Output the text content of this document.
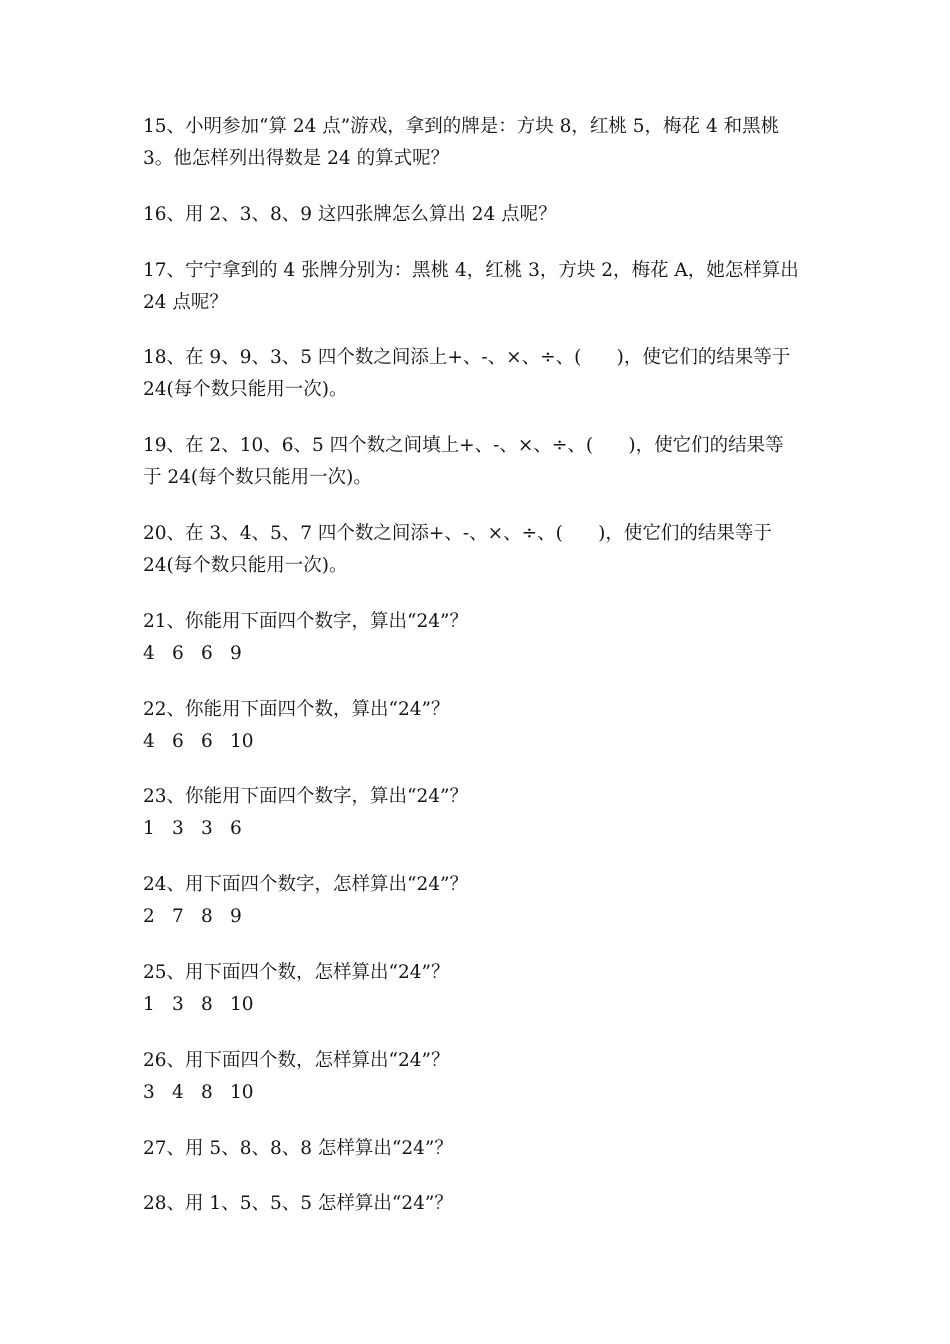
15、小明参加“算 24 点”游戏，拿到的牌是：方块 8，红桃 5，梅花 4 和黑桃
3。他怎样列出得数是 24 的算式呢？
16、用 2、3、8、9 这四张牌怎么算出 24 点呢？
17、宁宁拿到的 4 张牌分别为：黑桃 4，红桃 3，方块 2，梅花 A，她怎样算出
24 点呢？
18、在 9、9、3、5 四个数之间添上+、-、×、÷、(      )，使它们的结果等于
24(每个数只能用一次)。
19、在 2、10、6、5 四个数之间填上+、-、×、÷、(      )，使它们的结果等
于 24(每个数只能用一次)。
20、在 3、4、5、7 四个数之间添+、-、×、÷、(      )，使它们的结果等于
24(每个数只能用一次)。
21、你能用下面四个数字，算出“24”？
4 6 6 9
22、你能用下面四个数，算出“24”？
4 6 6 10
23、你能用下面四个数字，算出“24”？
1 3 3 6
24、用下面四个数字，怎样算出“24”？
2 7 8 9
25、用下面四个数，怎样算出“24”？
1 3 8 10
26、用下面四个数，怎样算出“24”？
3 4 8 10
27、用 5、8、8、8 怎样算出“24”？
28、用 1、5、5、5 怎样算出“24”？
